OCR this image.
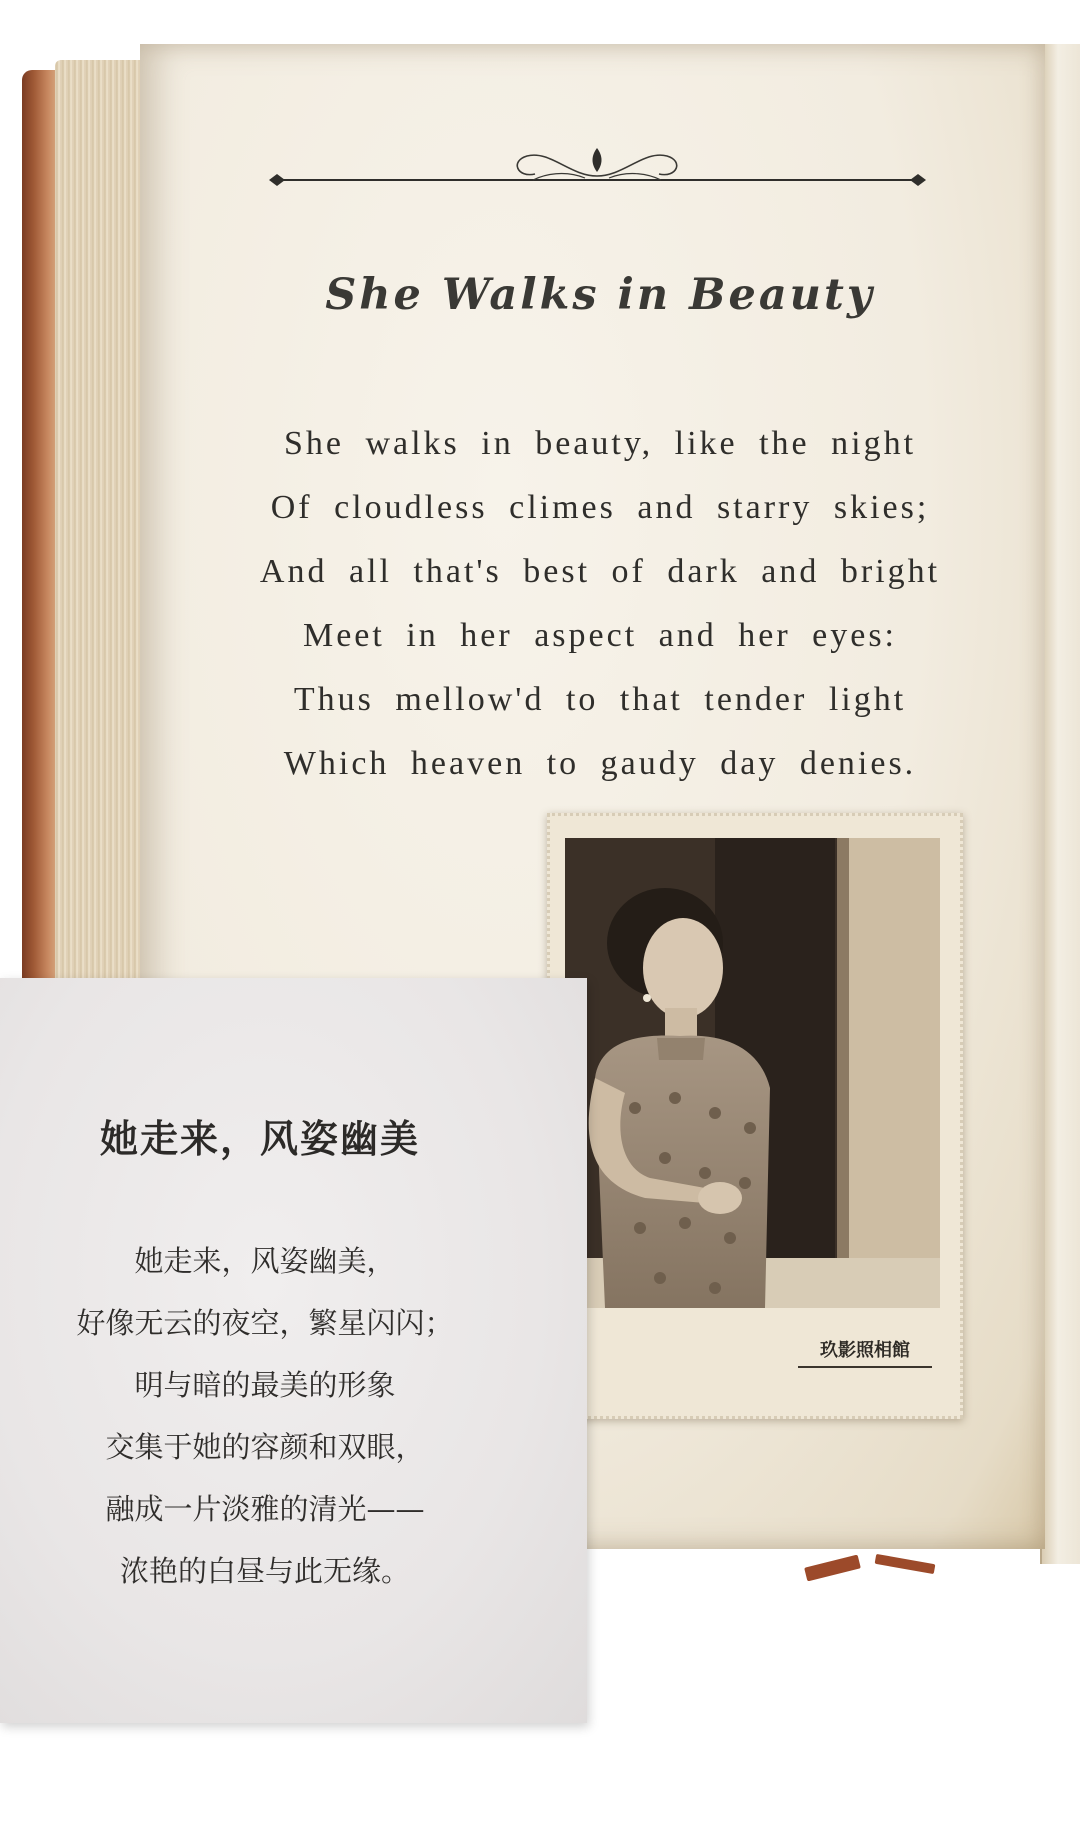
She Walks in Beauty
She walks in beauty, like the night
Of cloudless climes and starry skies;
And all that's best of dark and bright
Meet in her aspect and her eyes:
Thus mellow'd to that tender light
Which heaven to gaudy day denies.
玖影照相館
她走来，风姿幽美
她走来，风姿幽美，
好像无云的夜空，繁星闪闪；
明与暗的最美的形象
交集于她的容颜和双眼，
融成一片淡雅的清光——
浓艳的白昼与此无缘。
